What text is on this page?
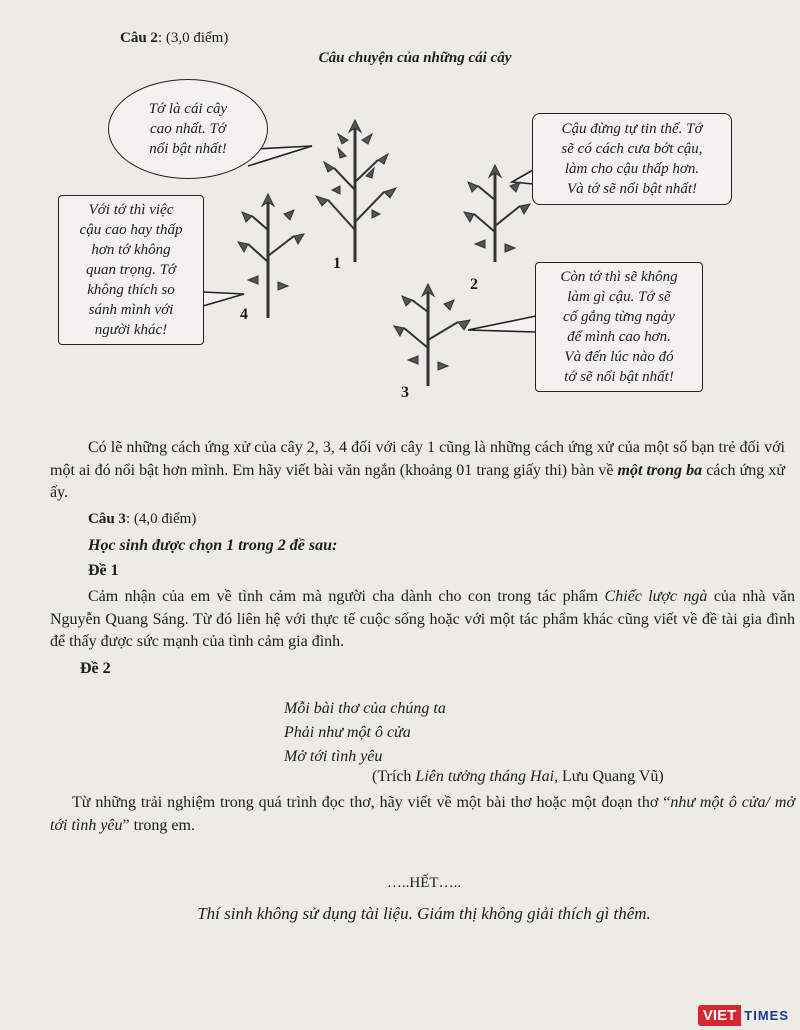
Câu 2: (3,0 điểm)
Câu chuyện của những cái cây
Tớ là cái cây
cao nhất. Tớ
nổi bật nhất!
Với tớ thì việc
cậu cao hay thấp
hơn tớ không
quan trọng. Tớ
không thích so
sánh mình với
người khác!
Cậu đừng tự tin thế. Tớ
sẽ có cách cưa bớt cậu,
làm cho cậu thấp hơn.
Và tớ sẽ nổi bật nhất!
Còn tớ thì sẽ không
làm gì cậu. Tớ sẽ
cố gắng từng ngày
để mình cao hơn.
Và đến lúc nào đó
tớ sẽ nổi bật nhất!
1
2
3
4
Có lẽ những cách ứng xử của cây 2, 3, 4 đối với cây 1 cũng là những cách ứng xử của một số bạn trẻ đối với một ai đó nổi bật hơn mình. Em hãy viết bài văn ngắn (khoảng 01 trang giấy thi) bàn về một trong ba cách ứng xử ấy.
Câu 3: (4,0 điểm)
Học sinh được chọn 1 trong 2 đề sau:
Đề 1
Cảm nhận của em về tình cảm mà người cha dành cho con trong tác phẩm Chiếc lược ngà của nhà văn Nguyễn Quang Sáng. Từ đó liên hệ với thực tế cuộc sống hoặc với một tác phẩm khác cũng viết về đề tài gia đình để thấy được sức mạnh của tình cảm gia đình.
Đề 2
Mỗi bài thơ của chúng ta
Phải như một ô cửa
Mở tới tình yêu
(Trích Liên tưởng tháng Hai, Lưu Quang Vũ)
Từ những trải nghiệm trong quá trình đọc thơ, hãy viết về một bài thơ hoặc một đoạn thơ “như một ô cửa/ mở tới tình yêu” trong em.
…..HẾT…..
Thí sinh không sử dụng tài liệu. Giám thị không giải thích gì thêm.
VIET TIMES
